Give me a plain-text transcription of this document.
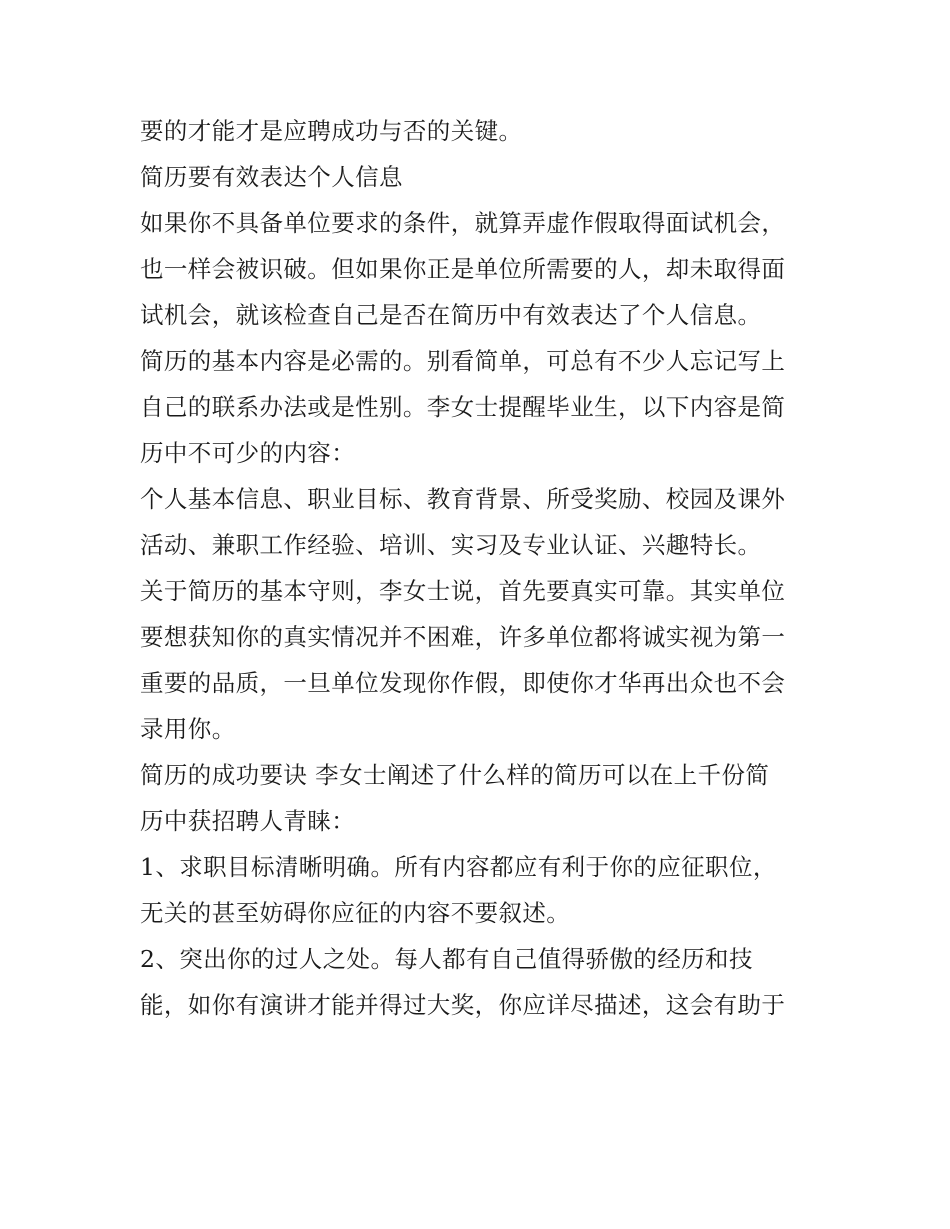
要的才能才是应聘成功与否的关键。
简历要有效表达个人信息
如果你不具备单位要求的条件，就算弄虚作假取得面试机会，
也一样会被识破。但如果你正是单位所需要的人，却未取得面
试机会，就该检查自己是否在简历中有效表达了个人信息。
简历的基本内容是必需的。别看简单，可总有不少人忘记写上
自己的联系办法或是性别。李女士提醒毕业生，以下内容是简
历中不可少的内容：
个人基本信息、职业目标、教育背景、所受奖励、校园及课外
活动、兼职工作经验、培训、实习及专业认证、兴趣特长。
关于简历的基本守则，李女士说，首先要真实可靠。其实单位
要想获知你的真实情况并不困难，许多单位都将诚实视为第一
重要的品质，一旦单位发现你作假，即使你才华再出众也不会
录用你。
简历的成功要诀 李女士阐述了什么样的简历可以在上千份简
历中获招聘人青睐：
1、求职目标清晰明确。所有内容都应有利于你的应征职位，
无关的甚至妨碍你应征的内容不要叙述。
2、突出你的过人之处。每人都有自己值得骄傲的经历和技
能，如你有演讲才能并得过大奖，你应详尽描述，这会有助于
